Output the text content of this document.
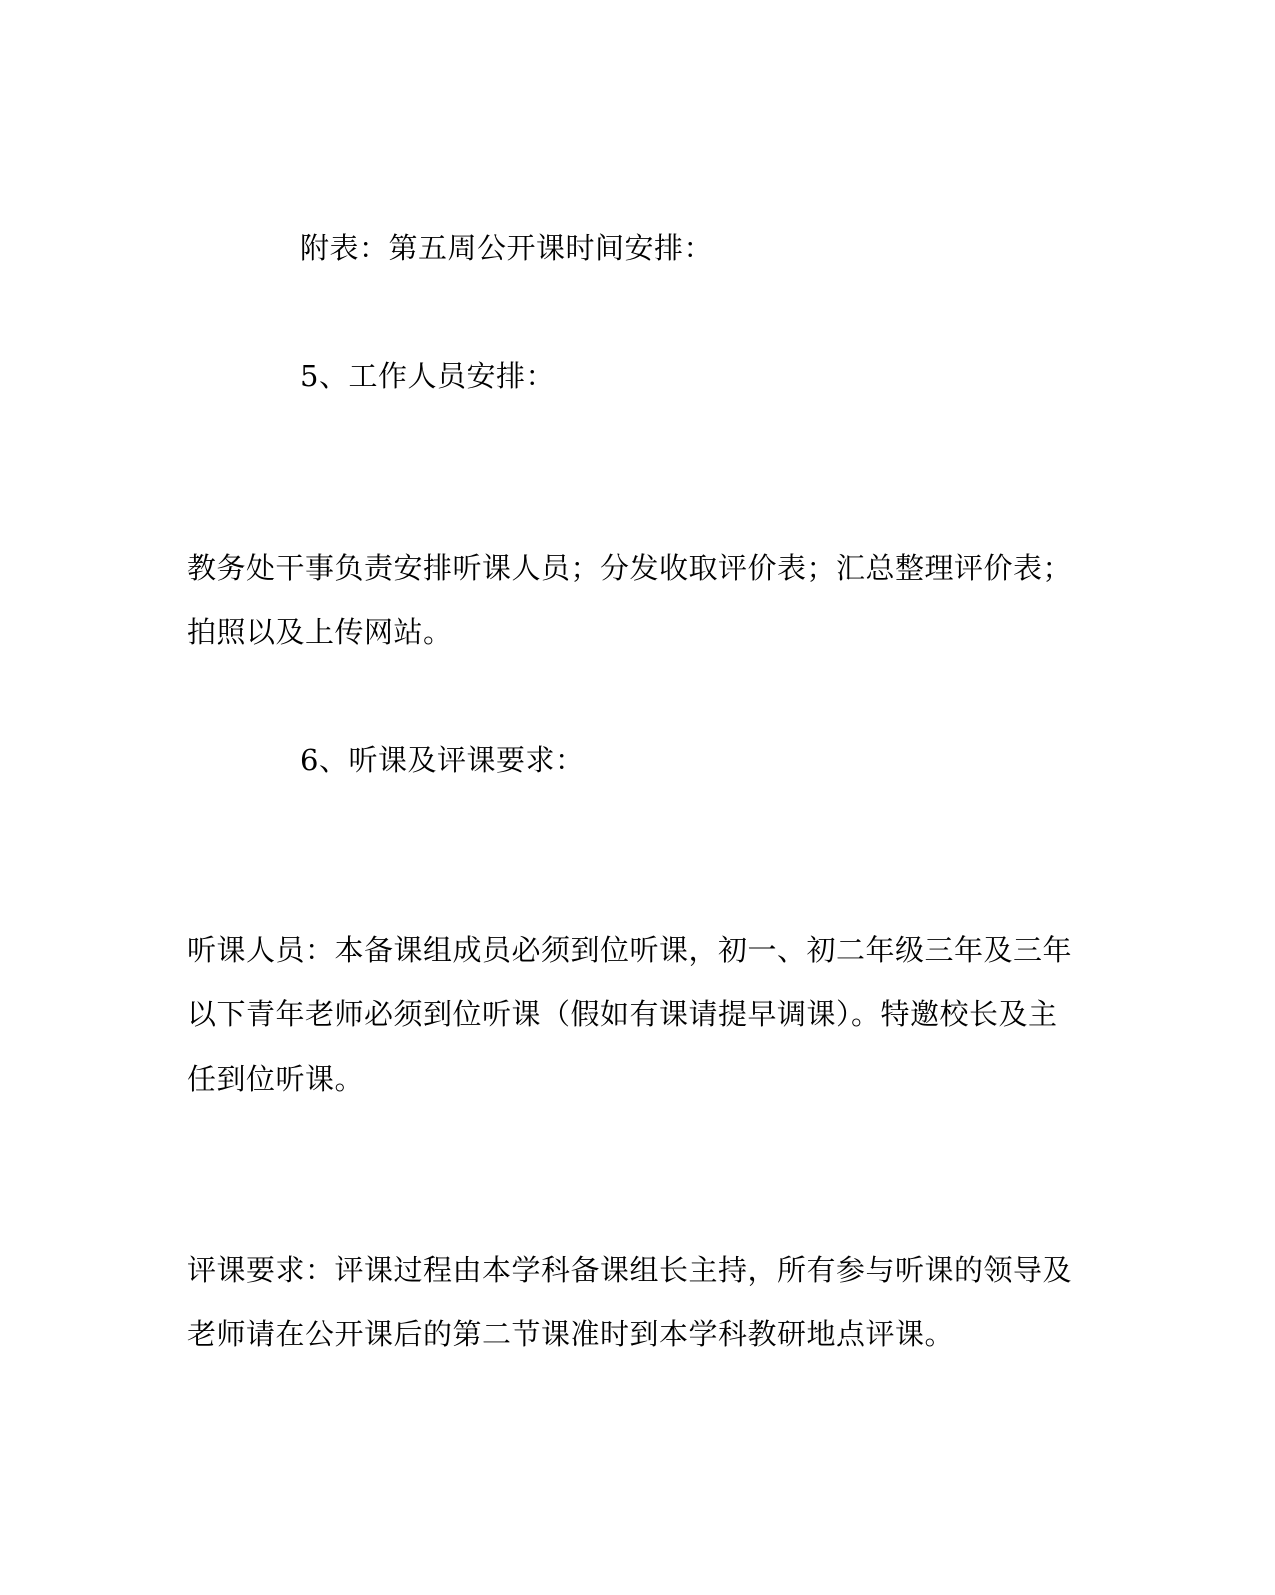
附表：第五周公开课时间安排：
5、工作人员安排：
教务处干事负责安排听课人员；分发收取评价表；汇总整理评价表；
拍照以及上传网站。
6、听课及评课要求：
听课人员：本备课组成员必须到位听课，初一、初二年级三年及三年
以下青年老师必须到位听课（假如有课请提早调课）。特邀校长及主
任到位听课。
评课要求：评课过程由本学科备课组长主持，所有参与听课的领导及
老师请在公开课后的第二节课准时到本学科教研地点评课。
